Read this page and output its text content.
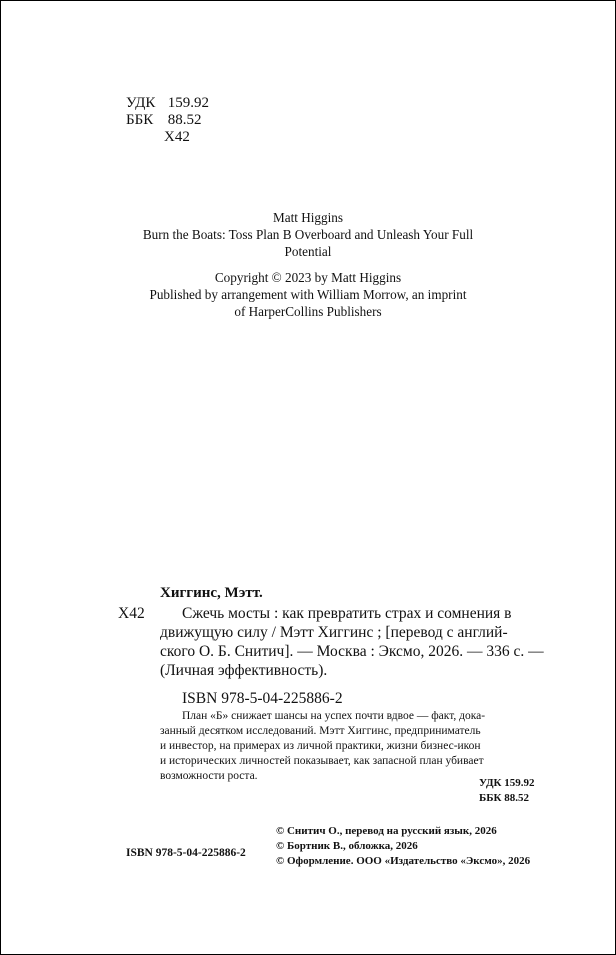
УДК 159.92
ББК 88.52
Х42
Matt Higgins
Burn the Boats: Toss Plan B Overboard and Unleash Your Full
Potential
Copyright © 2023 by Matt Higgins
Published by arrangement with William Morrow, an imprint
of HarperCollins Publishers
Хиггинс, Мэтт.
Х42 Сжечь мосты : как превратить страх и сомнения в
движущую силу / Мэтт Хиггинс ; [перевод с англий-
ского О. Б. Снитич]. — Москва : Эксмо, 2026. — 336 с. —
(Личная эффективность).
ISBN 978-5-04-225886-2
План «Б» снижает шансы на успех почти вдвое — факт, дока-
занный десятком исследований. Мэтт Хиггинс, предприниматель
и инвестор, на примерах из личной практики, жизни бизнес-икон
и исторических личностей показывает, как запасной план убивает
возможности роста.
УДК 159.92
ББК 88.52
© Снитич О., перевод на русский язык, 2026
© Бортник В., обложка, 2026
ISBN 978-5-04-225886-2
© Оформление. ООО «Издательство «Эксмо», 2026
